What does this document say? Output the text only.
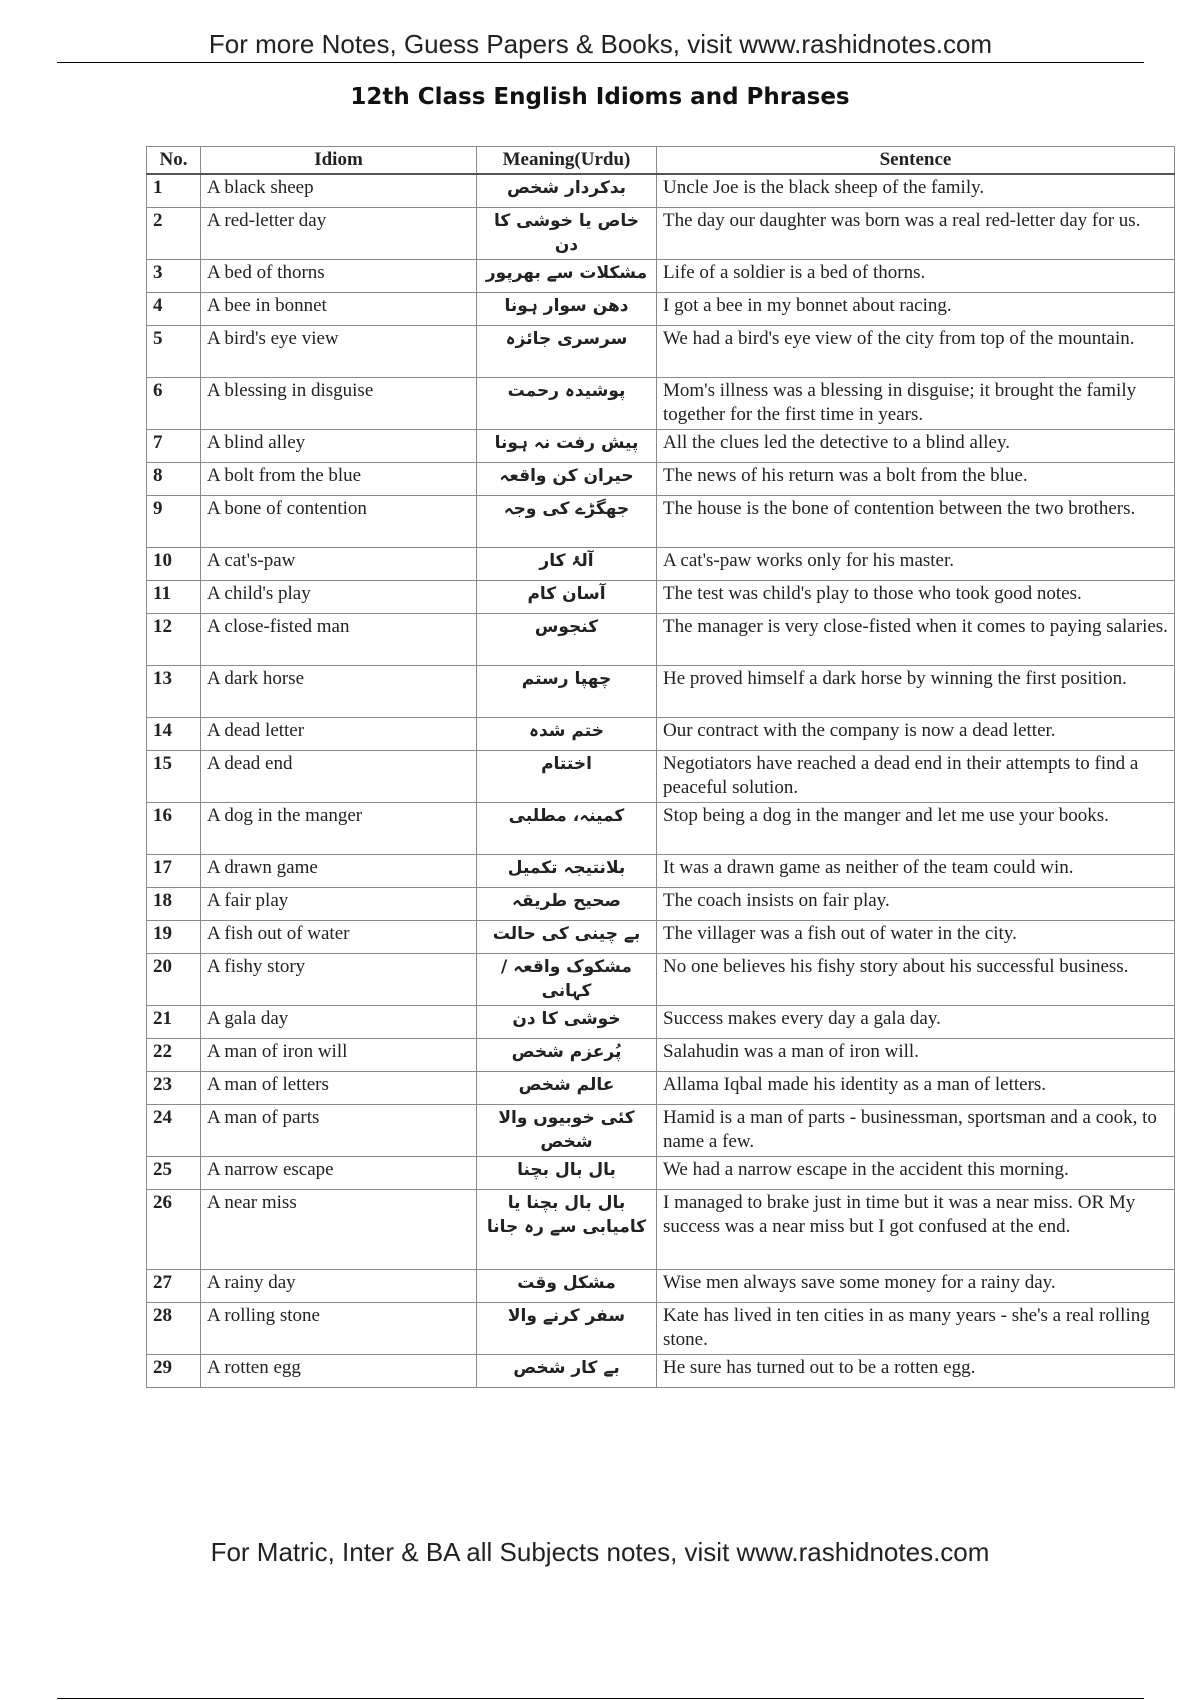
For more Notes, Guess Papers & Books, visit www.rashidnotes.com
12th Class English Idioms and Phrases
No.	Idiom	Meaning(Urdu)	Sentence
1	A black sheep	بدکردار شخص	Uncle Joe is the black sheep of the family.
2	A red-letter day	خاص یا خوشی کا دن	The day our daughter was born was a real red-letter day for us.
3	A bed of thorns	مشکلات سے بھرپور	Life of a soldier is a bed of thorns.
4	A bee in bonnet	دھن سوار ہونا	I got a bee in my bonnet about racing.
5	A bird's eye view	سرسری جائزہ	We had a bird's eye view of the city from top of the mountain.
6	A blessing in disguise	پوشیدہ رحمت	Mom's illness was a blessing in disguise; it brought the family together for the first time in years.
7	A blind alley	پیش رفت نہ ہونا	All the clues led the detective to a blind alley.
8	A bolt from the blue	حیران کن واقعہ	The news of his return was a bolt from the blue.
9	A bone of contention	جھگڑے کی وجہ	The house is the bone of contention between the two brothers.
10	A cat's-paw	آلۂ کار	A cat's-paw works only for his master.
11	A child's play	آسان کام	The test was child's play to those who took good notes.
12	A close-fisted man	کنجوس	The manager is very close-fisted when it comes to paying salaries.
13	A dark horse	چھپا رستم	He proved himself a dark horse by winning the first position.
14	A dead letter	ختم شدہ	Our contract with the company is now a dead letter.
15	A dead end	اختتام	Negotiators have reached a dead end in their attempts to find a peaceful solution.
16	A dog in the manger	کمینہ، مطلبی	Stop being a dog in the manger and let me use your books.
17	A drawn game	بلانتیجہ تکمیل	It was a drawn game as neither of the team could win.
18	A fair play	صحیح طریقہ	The coach insists on fair play.
19	A fish out of water	بے چینی کی حالت	The villager was a fish out of water in the city.
20	A fishy story	مشکوک واقعہ / کہانی	No one believes his fishy story about his successful business.
21	A gala day	خوشی کا دن	Success makes every day a gala day.
22	A man of iron will	پُرعزم شخص	Salahudin was a man of iron will.
23	A man of letters	عالم شخص	Allama Iqbal made his identity as a man of letters.
24	A man of parts	کئی خوبیوں والا شخص	Hamid is a man of parts - businessman, sportsman and a cook, to name a few.
25	A narrow escape	بال بال بچنا	We had a narrow escape in the accident this morning.
26	A near miss	بال بال بچنا یا کامیابی سے رہ جانا	I managed to brake just in time but it was a near miss. OR My success was a near miss but I got confused at the end.
27	A rainy day	مشکل وقت	Wise men always save some money for a rainy day.
28	A rolling stone	سفر کرنے والا	Kate has lived in ten cities in as many years - she's a real rolling stone.
29	A rotten egg	بے کار شخص	He sure has turned out to be a rotten egg.
For Matric, Inter & BA all Subjects notes, visit www.rashidnotes.com
